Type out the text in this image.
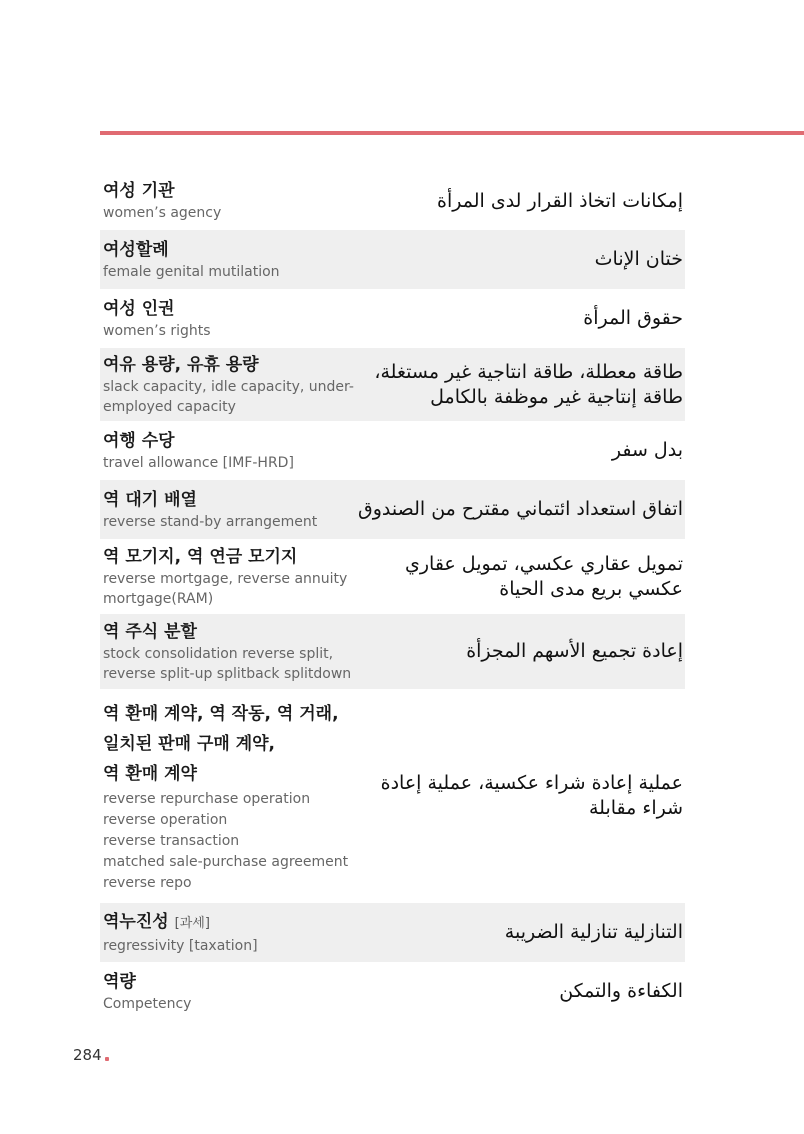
여성 기관
women’s agency
إمكانات اتخاذ القرار لدى المرأة
여성할례
female genital mutilation
ختان الإناث
여성 인권
women’s rights
حقوق المرأة
여유 용량, 유휴 용량
slack capacity, idle capacity, under-
employed capacity
طاقة معطلة، طاقة انتاجية غير مستغلة، طاقة إنتاجية غير موظفة بالكامل
여행 수당
travel allowance [IMF-HRD]
بدل سفر
역 대기 배열
reverse stand-by arrangement
اتفاق استعداد ائتماني مقترح من الصندوق
역 모기지, 역 연금 모기지
reverse mortgage, reverse annuity
mortgage(RAM)
تمويل عقاري عكسي، تمويل عقاري عكسي بريع مدى الحياة
역 주식 분할
stock consolidation reverse split,
reverse split-up splitback splitdown
إعادة تجميع الأسهم المجزأة
역 환매 계약, 역 작동, 역 거래,
일치된 판매 구매 계약,
역 환매 계약
reverse repurchase operation
reverse operation
reverse transaction
matched sale-purchase agreement
reverse repo
عملية إعادة شراء عكسية، عملية إعادة شراء مقابلة
역누진성 [과세]
regressivity [taxation]
التنازلية تنازلية الضريبة
역량
Competency
الكفاءة والتمكن
284
